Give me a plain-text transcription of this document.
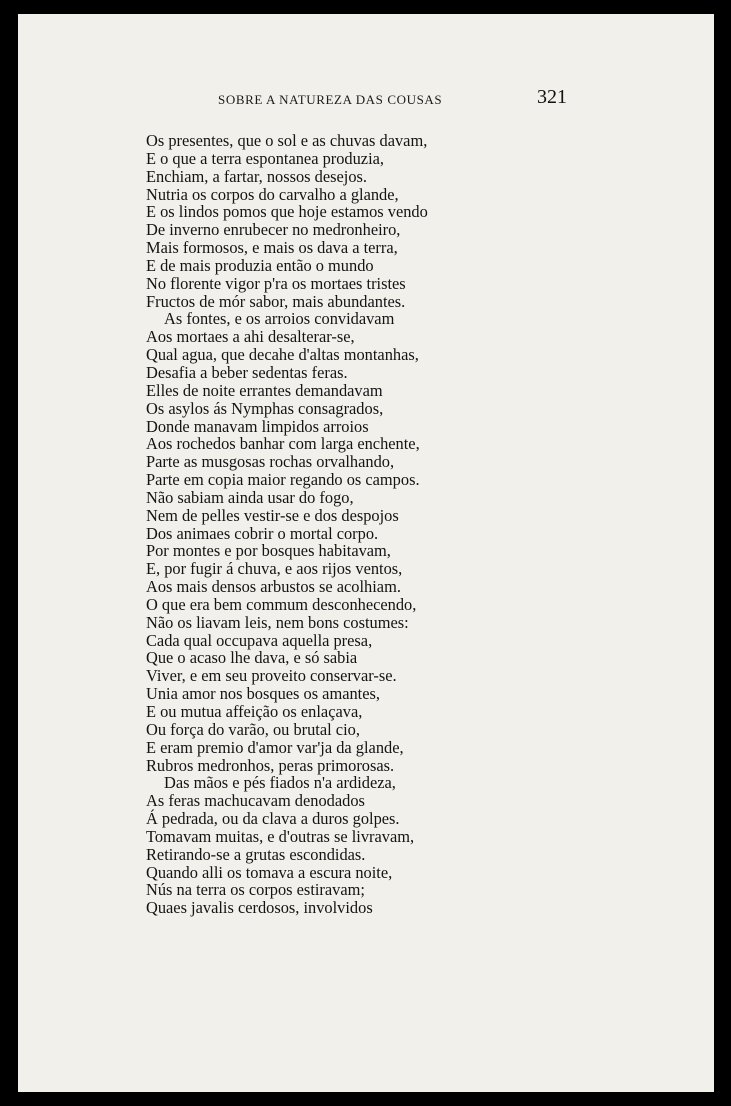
SOBRE A NATUREZA DAS COUSAS	321
Os presentes, que o sol e as chuvas davam,
E o que a terra espontanea produzia,
Enchiam, a fartar, nossos desejos.
Nutria os corpos do carvalho a glande,
E os lindos pomos que hoje estamos vendo
De inverno enrubecer no medronheiro,
Mais formosos, e mais os dava a terra,
E de mais produzia então o mundo
No florente vigor p'ra os mortaes tristes
Fructos de mór sabor, mais abundantes.
As fontes, e os arroios convidavam
Aos mortaes a ahi desalterar-se,
Qual agua, que decahe d'altas montanhas,
Desafia a beber sedentas feras.
Elles de noite errantes demandavam
Os asylos ás Nymphas consagrados,
Donde manavam limpidos arroios
Aos rochedos banhar com larga enchente,
Parte as musgosas rochas orvalhando,
Parte em copia maior regando os campos.
Não sabiam ainda usar do fogo,
Nem de pelles vestir-se e dos despojos
Dos animaes cobrir o mortal corpo.
Por montes e por bosques habitavam,
E, por fugir á chuva, e aos rijos ventos,
Aos mais densos arbustos se acolhiam.
O que era bem commum desconhecendo,
Não os liavam leis, nem bons costumes:
Cada qual occupava aquella presa,
Que o acaso lhe dava, e só sabia
Viver, e em seu proveito conservar-se.
Unia amor nos bosques os amantes,
E ou mutua affeição os enlaçava,
Ou força do varão, ou brutal cio,
E eram premio d'amor var'ja da glande,
Rubros medronhos, peras primorosas.
Das mãos e pés fiados n'a ardideza,
As feras machucavam denodados
Á pedrada, ou da clava a duros golpes.
Tomavam muitas, e d'outras se livravam,
Retirando-se a grutas escondidas.
Quando alli os tomava a escura noite,
Nús na terra os corpos estiravam;
Quaes javalis cerdosos, involvidos
